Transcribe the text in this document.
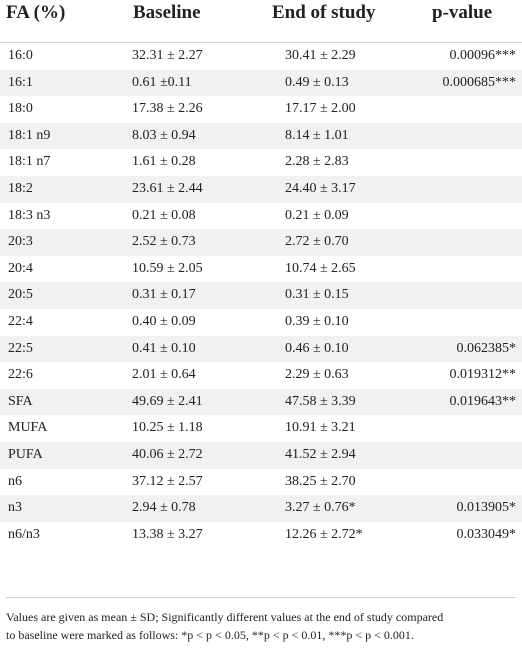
FA (%)	Baseline	End of study	p-value
16:0	32.31 ± 2.27	30.41 ± 2.29	0.00096***
16:1	0.61 ±0.11	0.49 ± 0.13	0.000685***
18:0	17.38 ± 2.26	17.17 ± 2.00
18:1 n9	8.03 ± 0.94	8.14 ± 1.01
18:1 n7	1.61 ± 0.28	2.28 ± 2.83
18:2	23.61 ± 2.44	24.40 ± 3.17
18:3 n3	0.21 ± 0.08	0.21 ± 0.09
20:3	2.52 ± 0.73	2.72 ± 0.70
20:4	10.59 ± 2.05	10.74 ± 2.65
20:5	0.31 ± 0.17	0.31 ± 0.15
22:4	0.40 ± 0.09	0.39 ± 0.10
22:5	0.41 ± 0.10	0.46 ± 0.10	0.062385*
22:6	2.01 ± 0.64	2.29 ± 0.63	0.019312**
SFA	49.69 ± 2.41	47.58 ± 3.39	0.019643**
MUFA	10.25 ± 1.18	10.91 ± 3.21
PUFA	40.06 ± 2.72	41.52 ± 2.94
n6	37.12 ± 2.57	38.25 ± 2.70
n3	2.94 ± 0.78	3.27 ± 0.76*	0.013905*
n6/n3	13.38 ± 3.27	12.26 ± 2.72*	0.033049*
Values are given as mean ± SD; Significantly different values at the end of study compared
to baseline were marked as follows: *p < p < 0.05, **p < p < 0.01, ***p < p < 0.001.
